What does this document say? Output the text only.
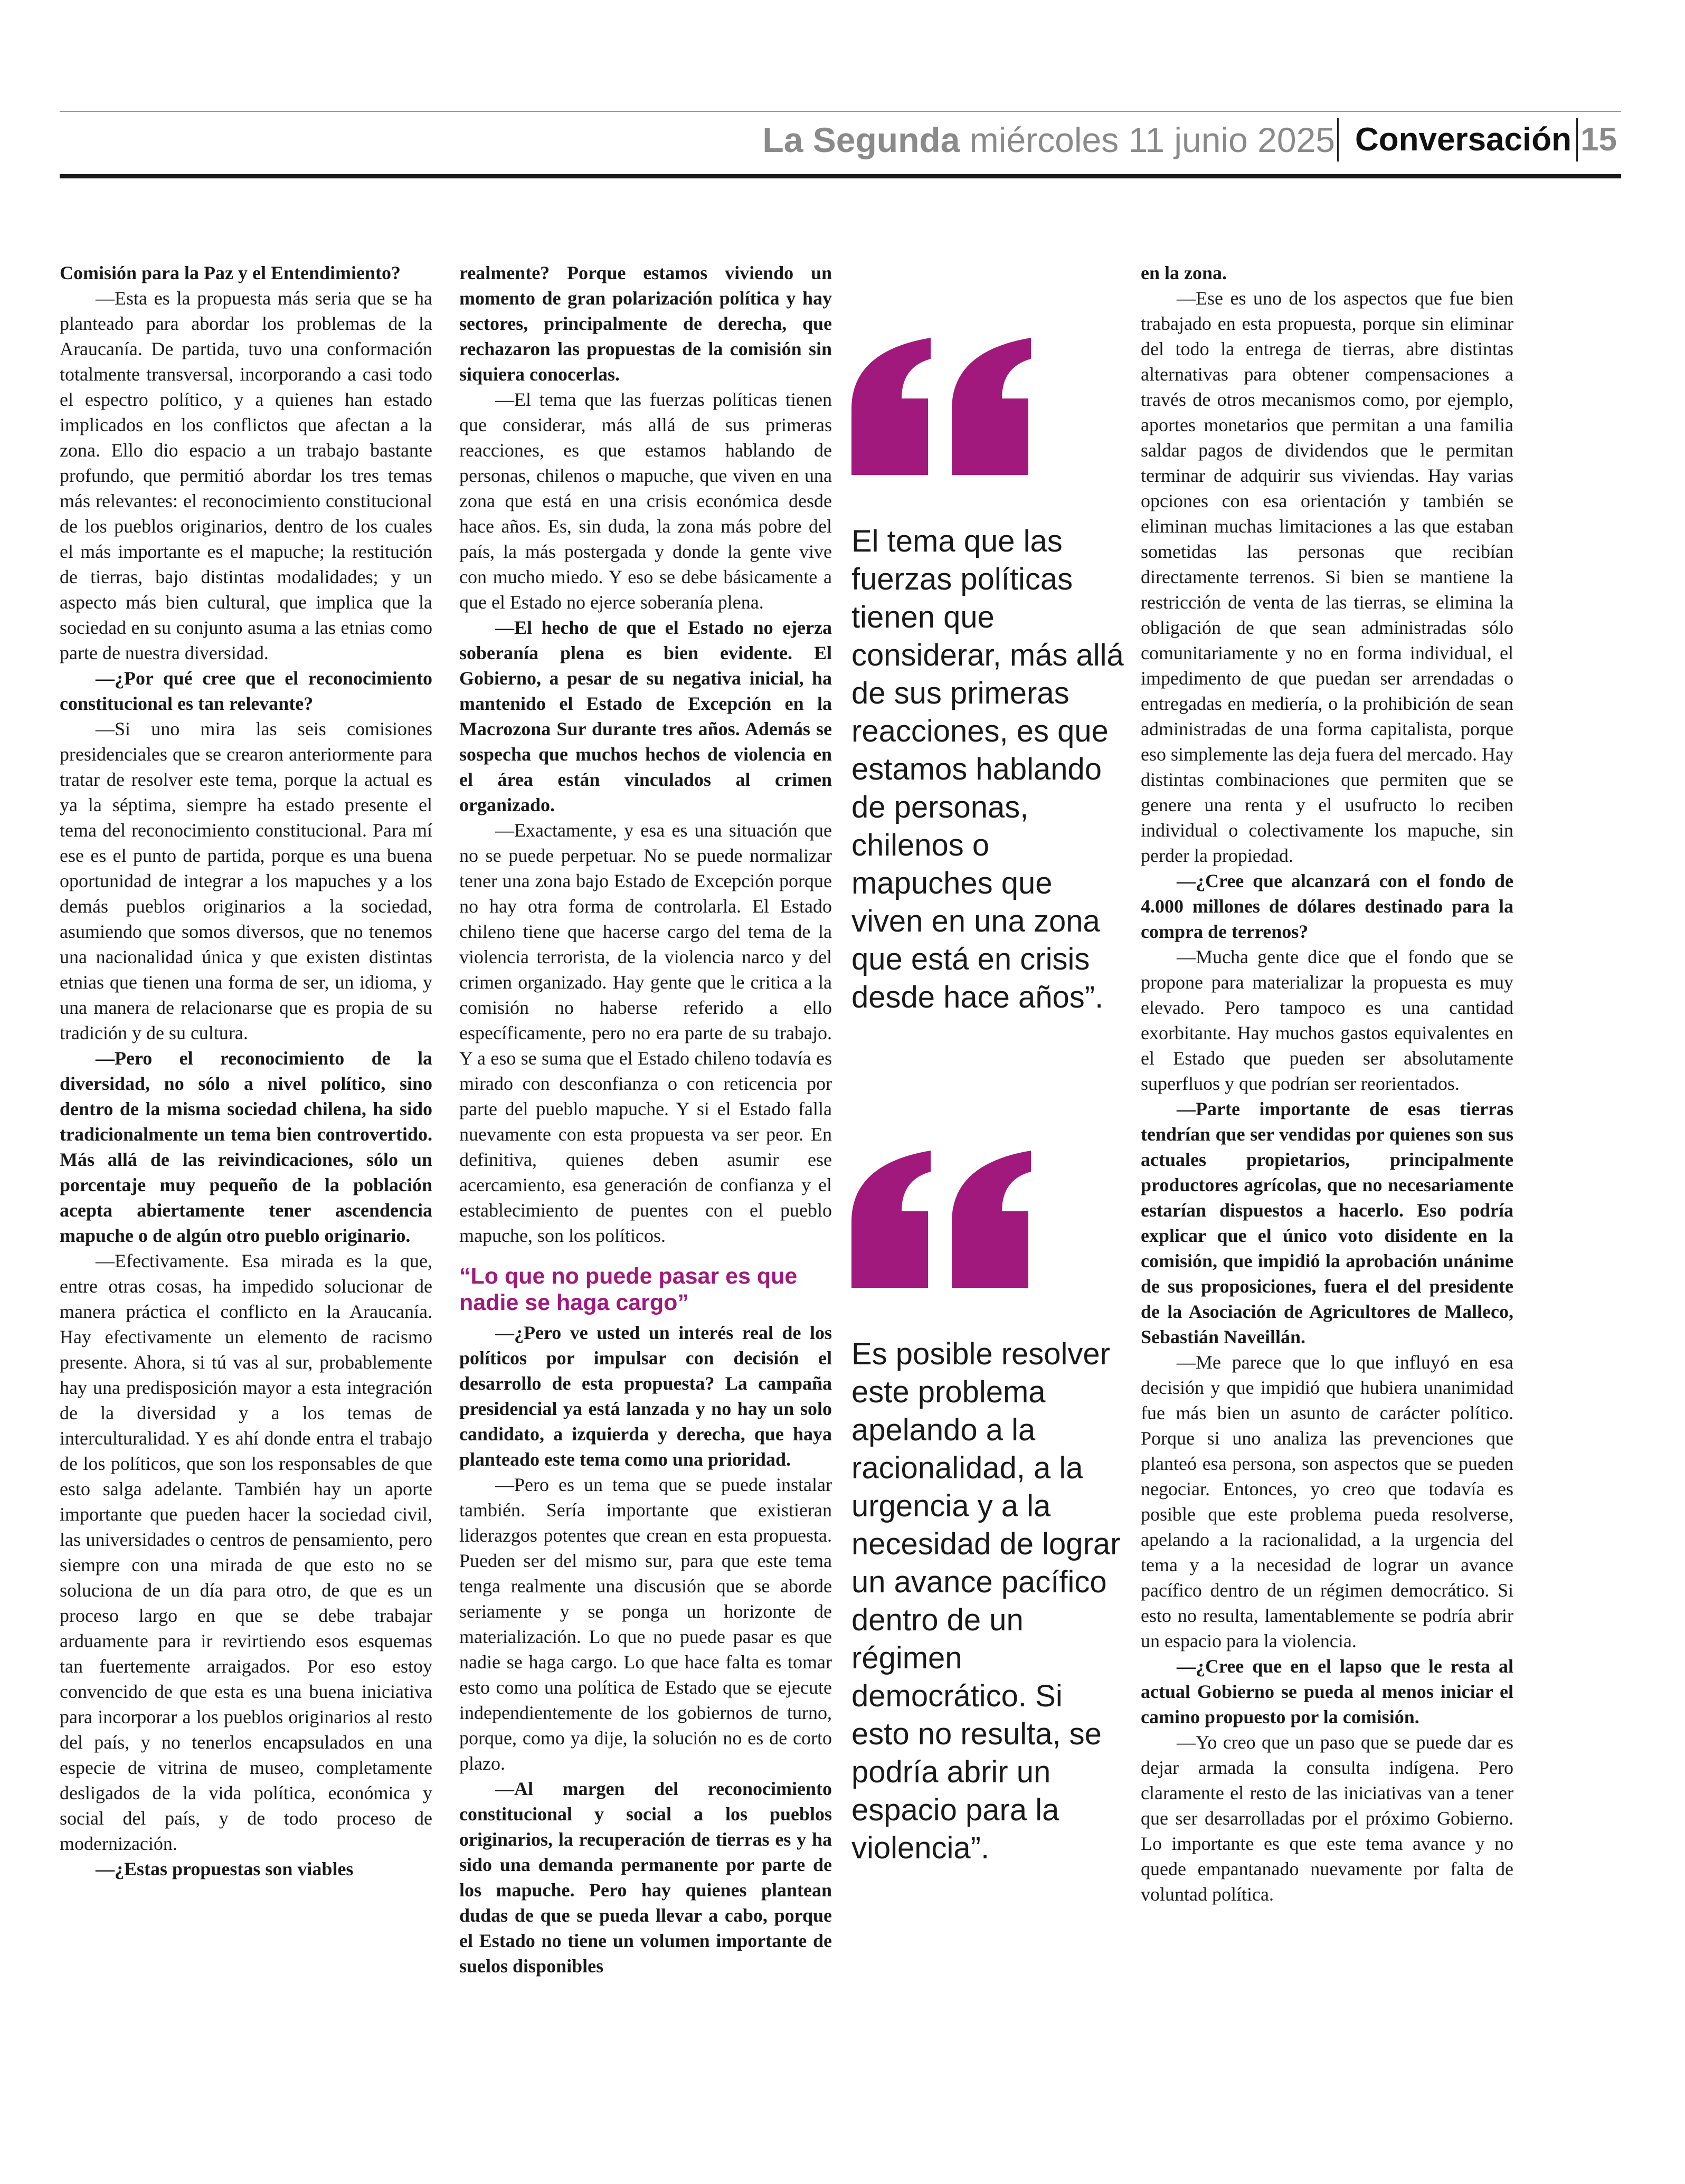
La Segunda miércoles 11 junio 2025 Conversación 15

Comisión para la Paz y el Entendimiento?

—Esta es la propuesta más seria que se ha planteado para abordar los problemas de la Araucanía. De partida, tuvo una conformación totalmente transversal, incorporando a casi todo el espectro político, y a quienes han estado implicados en los conflictos que afectan a la zona. Ello dio espacio a un trabajo bastante profundo, que permitió abordar los tres temas más relevantes: el reconocimiento constitucional de los pueblos originarios, dentro de los cuales el más importante es el mapuche; la restitución de tierras, bajo distintas modalidades; y un aspecto más bien cultural, que implica que la sociedad en su conjunto asuma a las etnias como parte de nuestra diversidad.

—¿Por qué cree que el reconocimiento constitucional es tan relevante?

—Si uno mira las seis comisiones presidenciales que se crearon anteriormente para tratar de resolver este tema, porque la actual es ya la séptima, siempre ha estado presente el tema del reconocimiento constitucional. Para mí ese es el punto de partida, porque es una buena oportunidad de integrar a los mapuches y a los demás pueblos originarios a la sociedad, asumiendo que somos diversos, que no tenemos una nacionalidad única y que existen distintas etnias que tienen una forma de ser, un idioma, y una manera de relacionarse que es propia de su tradición y de su cultura.

—Pero el reconocimiento de la diversidad, no sólo a nivel político, sino dentro de la misma sociedad chilena, ha sido tradicionalmente un tema bien controvertido. Más allá de las reivindicaciones, sólo un porcentaje muy pequeño de la población acepta abiertamente tener ascendencia mapuche o de algún otro pueblo originario.

—Efectivamente. Esa mirada es la que, entre otras cosas, ha impedido solucionar de manera práctica el conflicto en la Araucanía. Hay efectivamente un elemento de racismo presente. Ahora, si tú vas al sur, probablemente hay una predisposición mayor a esta integración de la diversidad y a los temas de interculturalidad. Y es ahí donde entra el trabajo de los políticos, que son los responsables de que esto salga adelante. También hay un aporte importante que pueden hacer la sociedad civil, las universidades o centros de pensamiento, pero siempre con una mirada de que esto no se soluciona de un día para otro, de que es un proceso largo en que se debe trabajar arduamente para ir revirtiendo esos esquemas tan fuertemente arraigados. Por eso estoy convencido de que esta es una buena iniciativa para incorporar a los pueblos originarios al resto del país, y no tenerlos encapsulados en una especie de vitrina de museo, completamente desligados de la vida política, económica y social del país, y de todo proceso de modernización.

—¿Estas propuestas son viables

realmente? Porque estamos viviendo un momento de gran polarización política y hay sectores, principalmente de derecha, que rechazaron las propuestas de la comisión sin siquiera conocerlas.

—El tema que las fuerzas políticas tienen que considerar, más allá de sus primeras reacciones, es que estamos hablando de personas, chilenos o mapuche, que viven en una zona que está en una crisis económica desde hace años. Es, sin duda, la zona más pobre del país, la más postergada y donde la gente vive con mucho miedo. Y eso se debe básicamente a que el Estado no ejerce soberanía plena.

—El hecho de que el Estado no ejerza soberanía plena es bien evidente. El Gobierno, a pesar de su negativa inicial, ha mantenido el Estado de Excepción en la Macrozona Sur durante tres años. Además se sospecha que muchos hechos de violencia en el área están vinculados al crimen organizado.

—Exactamente, y esa es una situación que no se puede perpetuar. No se puede normalizar tener una zona bajo Estado de Excepción porque no hay otra forma de controlarla. El Estado chileno tiene que hacerse cargo del tema de la violencia terrorista, de la violencia narco y del crimen organizado. Hay gente que le critica a la comisión no haberse referido a ello específicamente, pero no era parte de su trabajo. Y a eso se suma que el Estado chileno todavía es mirado con desconfianza o con reticencia por parte del pueblo mapuche. Y si el Estado falla nuevamente con esta propuesta va ser peor. En definitiva, quienes deben asumir ese acercamiento, esa generación de confianza y el establecimiento de puentes con el pueblo mapuche, son los políticos.

“Lo que no puede pasar es que nadie se haga cargo”

—¿Pero ve usted un interés real de los políticos por impulsar con decisión el desarrollo de esta propuesta? La campaña presidencial ya está lanzada y no hay un solo candidato, a izquierda y derecha, que haya planteado este tema como una prioridad.

—Pero es un tema que se puede instalar también. Sería importante que existieran liderazgos potentes que crean en esta propuesta. Pueden ser del mismo sur, para que este tema tenga realmente una discusión que se aborde seriamente y se ponga un horizonte de materialización. Lo que no puede pasar es que nadie se haga cargo. Lo que hace falta es tomar esto como una política de Estado que se ejecute independientemente de los gobiernos de turno, porque, como ya dije, la solución no es de corto plazo.

—Al margen del reconocimiento constitucional y social a los pueblos originarios, la recuperación de tierras es y ha sido una demanda permanente por parte de los mapuche. Pero hay quienes plantean dudas de que se pueda llevar a cabo, porque el Estado no tiene un volumen importante de suelos disponibles

en la zona.

—Ese es uno de los aspectos que fue bien trabajado en esta propuesta, porque sin eliminar del todo la entrega de tierras, abre distintas alternativas para obtener compensaciones a través de otros mecanismos como, por ejemplo, aportes monetarios que permitan a una familia saldar pagos de dividendos que le permitan terminar de adquirir sus viviendas. Hay varias opciones con esa orientación y también se eliminan muchas limitaciones a las que estaban sometidas las personas que recibían directamente terrenos. Si bien se mantiene la restricción de venta de las tierras, se elimina la obligación de que sean administradas sólo comunitariamente y no en forma individual, el impedimento de que puedan ser arrendadas o entregadas en mediería, o la prohibición de sean administradas de una forma capitalista, porque eso simplemente las deja fuera del mercado. Hay distintas combinaciones que permiten que se genere una renta y el usufructo lo reciben individual o colectivamente los mapuche, sin perder la propiedad.

—¿Cree que alcanzará con el fondo de 4.000 millones de dólares destinado para la compra de terrenos?

—Mucha gente dice que el fondo que se propone para materializar la propuesta es muy elevado. Pero tampoco es una cantidad exorbitante. Hay muchos gastos equivalentes en el Estado que pueden ser absolutamente superfluos y que podrían ser reorientados.

—Parte importante de esas tierras tendrían que ser vendidas por quienes son sus actuales propietarios, principalmente productores agrícolas, que no necesariamente estarían dispuestos a hacerlo. Eso podría explicar que el único voto disidente en la comisión, que impidió la aprobación unánime de sus proposiciones, fuera el del presidente de la Asociación de Agricultores de Malleco, Sebastián Naveillán.

—Me parece que lo que influyó en esa decisión y que impidió que hubiera unanimidad fue más bien un asunto de carácter político. Porque si uno analiza las prevenciones que planteó esa persona, son aspectos que se pueden negociar. Entonces, yo creo que todavía es posible que este problema pueda resolverse, apelando a la racionalidad, a la urgencia del tema y a la necesidad de lograr un avance pacífico dentro de un régimen democrático. Si esto no resulta, lamentablemente se podría abrir un espacio para la violencia.

—¿Cree que en el lapso que le resta al actual Gobierno se pueda al menos iniciar el camino propuesto por la comisión.

—Yo creo que un paso que se puede dar es dejar armada la consulta indígena. Pero claramente el resto de las iniciativas van a tener que ser desarrolladas por el próximo Gobierno. Lo importante es que este tema avance y no quede empantanado nuevamente por falta de voluntad política.

El tema que las fuerzas políticas tienen que considerar, más allá de sus primeras reacciones, es que estamos hablando de personas, chilenos o mapuches que viven en una zona que está en crisis desde hace años”.
Es posible resolver este problema apelando a la racionalidad, a la urgencia y a la necesidad de lograr un avance pacífico dentro de un régimen democrático. Si esto no resulta, se podría abrir un espacio para la violencia”.
